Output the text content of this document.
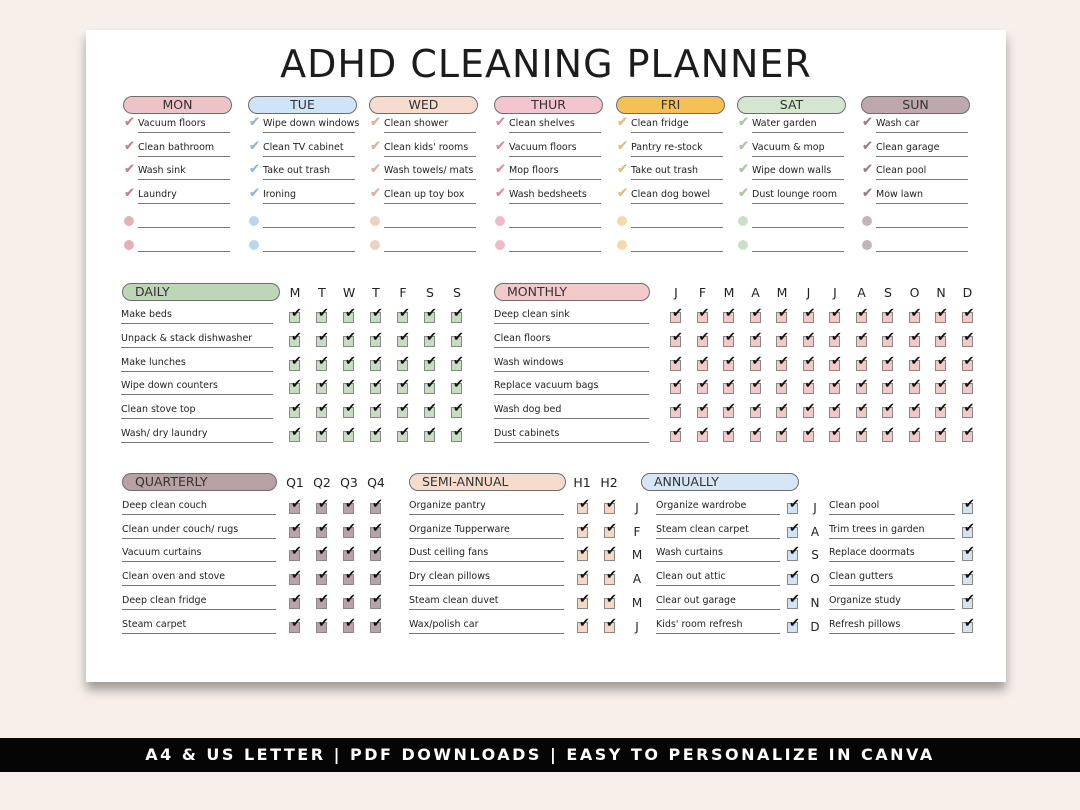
ADHD CLEANING PLANNER
MON
✔ Vacuum floors
✔ Clean bathroom
✔ Wash sink
✔ Laundry
TUE
✔ Wipe down windows
✔ Clean TV cabinet
✔ Take out trash
✔ Ironing
WED
✔ Clean shower
✔ Clean kids' rooms
✔ Wash towels/ mats
✔ Clean up toy box
THUR
✔ Clean shelves
✔ Vacuum floors
✔ Mop floors
✔ Wash bedsheets
FRI
✔ Clean fridge
✔ Pantry re-stock
✔ Take out trash
✔ Clean dog bowel
SAT
✔ Water garden
✔ Vacuum & mop
✔ Wipe down walls
✔ Dust lounge room
SUN
✔ Wash car
✔ Clean garage
✔ Clean pool
✔ Mow lawn
DAILY	M	T	W	T	F	S	S
Make beds	✔ ✔ ✔ ✔ ✔ ✔ ✔
Unpack & stack dishwasher	✔ ✔ ✔ ✔ ✔ ✔ ✔
Make lunches	✔ ✔ ✔ ✔ ✔ ✔ ✔
Wipe down counters	✔ ✔ ✔ ✔ ✔ ✔ ✔
Clean stove top	✔ ✔ ✔ ✔ ✔ ✔ ✔
Wash/ dry laundry	✔ ✔ ✔ ✔ ✔ ✔ ✔
MONTHLY	J	F	M	A	M	J	J	A	S	O	N	D
Deep clean sink	✔ ✔ ✔ ✔ ✔ ✔ ✔ ✔ ✔ ✔ ✔ ✔
Clean floors	✔ ✔ ✔ ✔ ✔ ✔ ✔ ✔ ✔ ✔ ✔ ✔
Wash windows	✔ ✔ ✔ ✔ ✔ ✔ ✔ ✔ ✔ ✔ ✔ ✔
Replace vacuum bags	✔ ✔ ✔ ✔ ✔ ✔ ✔ ✔ ✔ ✔ ✔ ✔
Wash dog bed	✔ ✔ ✔ ✔ ✔ ✔ ✔ ✔ ✔ ✔ ✔ ✔
Dust cabinets	✔ ✔ ✔ ✔ ✔ ✔ ✔ ✔ ✔ ✔ ✔ ✔
QUARTERLY	Q1 Q2 Q3 Q4
Deep clean couch	✔ ✔ ✔ ✔
Clean under couch/ rugs	✔ ✔ ✔ ✔
Vacuum curtains	✔ ✔ ✔ ✔
Clean oven and stove	✔ ✔ ✔ ✔
Deep clean fridge	✔ ✔ ✔ ✔
Steam carpet	✔ ✔ ✔ ✔
SEMI-ANNUAL	H1 H2
Organize pantry	✔ ✔
Organize Tupperware	✔ ✔
Dust ceiling fans	✔ ✔
Dry clean pillows	✔ ✔
Steam clean duvet	✔ ✔
Wax/polish car	✔ ✔
ANNUALLY
J	Organize wardrobe	✔
F	Steam clean carpet	✔
M Wash curtains	✔
A	Clean out attic	✔
M Clear out garage	✔
J	Kids' room refresh	✔
J	Clean pool	✔
A	Trim trees in garden	✔
S	Replace doormats	✔
O Clean gutters	✔
N Organize study	✔
D Refresh pillows	✔
A4 & US LETTER | PDF DOWNLOADS | EASY TO PERSONALIZE IN CANVA
